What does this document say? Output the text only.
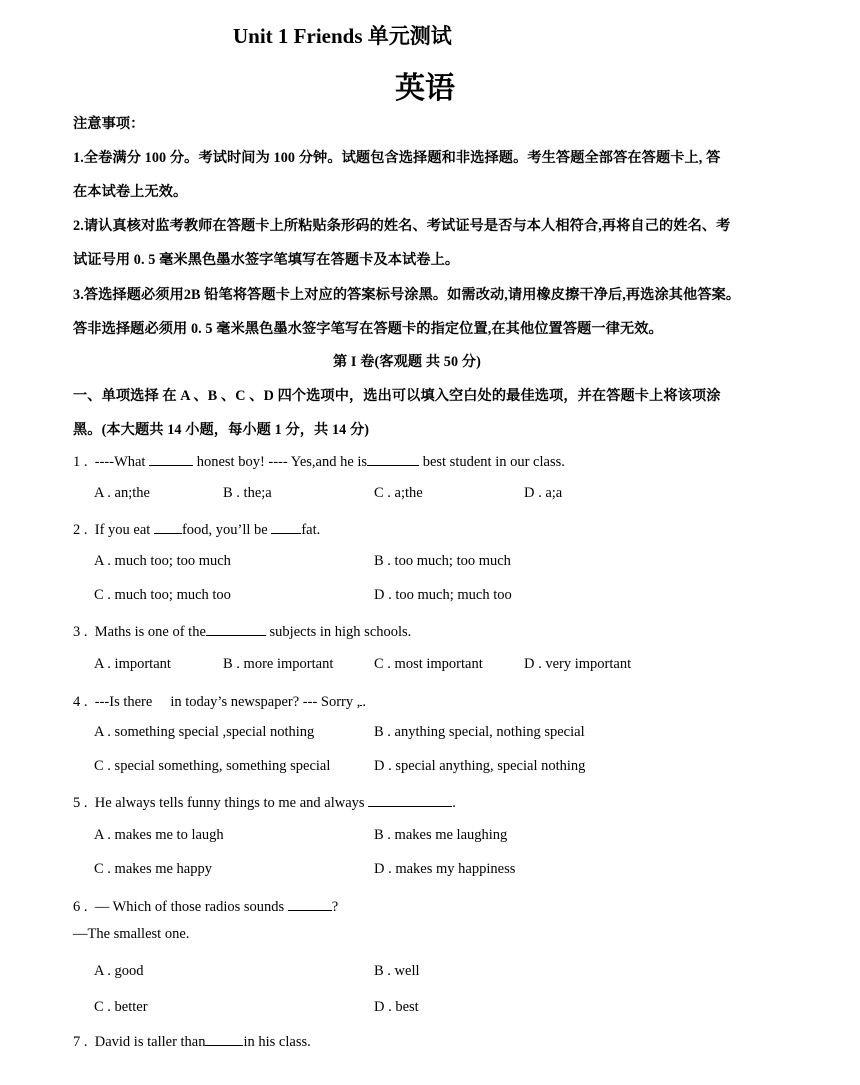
Unit 1 Friends 单元测试
英语
注意事项：
1.全卷满分 100 分。考试时间为 100 分钟。试题包含选择题和非选择题。考生答题全部答在答题卡上, 答
在本试卷上无效。
2.请认真核对监考教师在答题卡上所粘贴条形码的姓名、考试证号是否与本人相符合,再将自己的姓名、考
试证号用 0. 5 毫米黑色墨水签字笔填写在答题卡及本试卷上。
3.答选择题必须用2B 铅笔将答题卡上对应的答案标号涂黑。如需改动,请用橡皮擦干净后,再选涂其他答案。
答非选择题必须用 0. 5 毫米黑色墨水签字笔写在答题卡的指定位置,在其他位置答题一律无效。
第 I 卷(客观题 共 50 分)
一、单项选择 在 A 、B 、C 、D 四个选项中，选出可以填入空白处的最佳选项，并在答题卡上将该项涂
黑。(本大题共 14 小题，每小题 1 分，共 14 分)
1 . ----What	honest boy! ---- Yes,and he is	best student in our class.
A . an;the	B . the;a	C . a;the	D . a;a
2 . If you eat food, you’ll be fat.
A . much too; too much	B . too much; too much
C . much too; much too	D . too much; much too
3 . Maths is one of the	subjects in high schools.
A . important	B . more important	C . most important	D . very important
4 . ---Is there in today’s newspaper? --- Sorry , .
A . something special ,special nothing	B . anything special, nothing special
C . special something, something special	D . special anything, special nothing
5 . He always tells funny things to me and always	.
A . makes me to laugh	B . makes me laughing
C . makes me happy	D . makes my happiness
6 . — Which of those radios sounds	?
—The smallest one.
A . good	B . well
C . better	D . best
7 . David is taller than	in his class.
